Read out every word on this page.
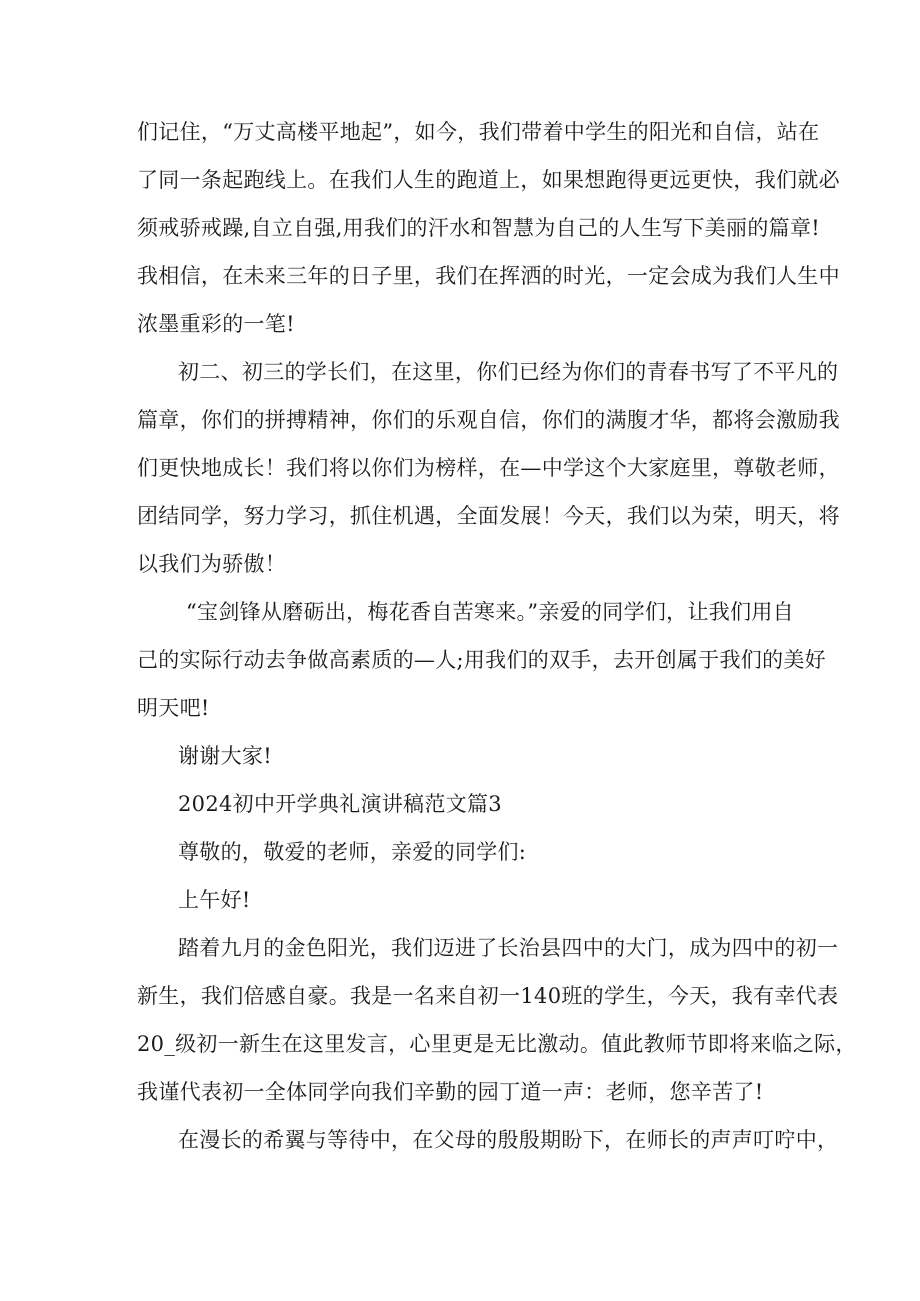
们记住，“万丈高楼平地起”，如今，我们带着中学生的阳光和自信，站在
了同一条起跑线上。在我们人生的跑道上，如果想跑得更远更快，我们就必
须戒骄戒躁,自立自强,用我们的汗水和智慧为自己的人生写下美丽的篇章!
我相信，在未来三年的日子里，我们在挥洒的时光，一定会成为我们人生中
浓墨重彩的一笔!
初二、初三的学长们，在这里，你们已经为你们的青春书写了不平凡的
篇章，你们的拼搏精神，你们的乐观自信，你们的满腹才华，都将会激励我
们更快地成长！我们将以你们为榜样，在—中学这个大家庭里，尊敬老师，
团结同学，努力学习，抓住机遇，全面发展！今天，我们以为荣，明天，将
以我们为骄傲！
“宝剑锋从磨砺出，梅花香自苦寒来。”亲爱的同学们，让我们用自
己的实际行动去争做高素质的—人;用我们的双手，去开创属于我们的美好
明天吧!
谢谢大家!
2024初中开学典礼演讲稿范文篇3
尊敬的，敬爱的老师，亲爱的同学们:
上午好!
踏着九月的金色阳光，我们迈进了长治县四中的大门，成为四中的初一
新生，我们倍感自豪。我是一名来自初一140班的学生，今天，我有幸代表
20_级初一新生在这里发言，心里更是无比激动。值此教师节即将来临之际，
我谨代表初一全体同学向我们辛勤的园丁道一声：老师，您辛苦了!
在漫长的希翼与等待中，在父母的殷殷期盼下，在师长的声声叮咛中，
